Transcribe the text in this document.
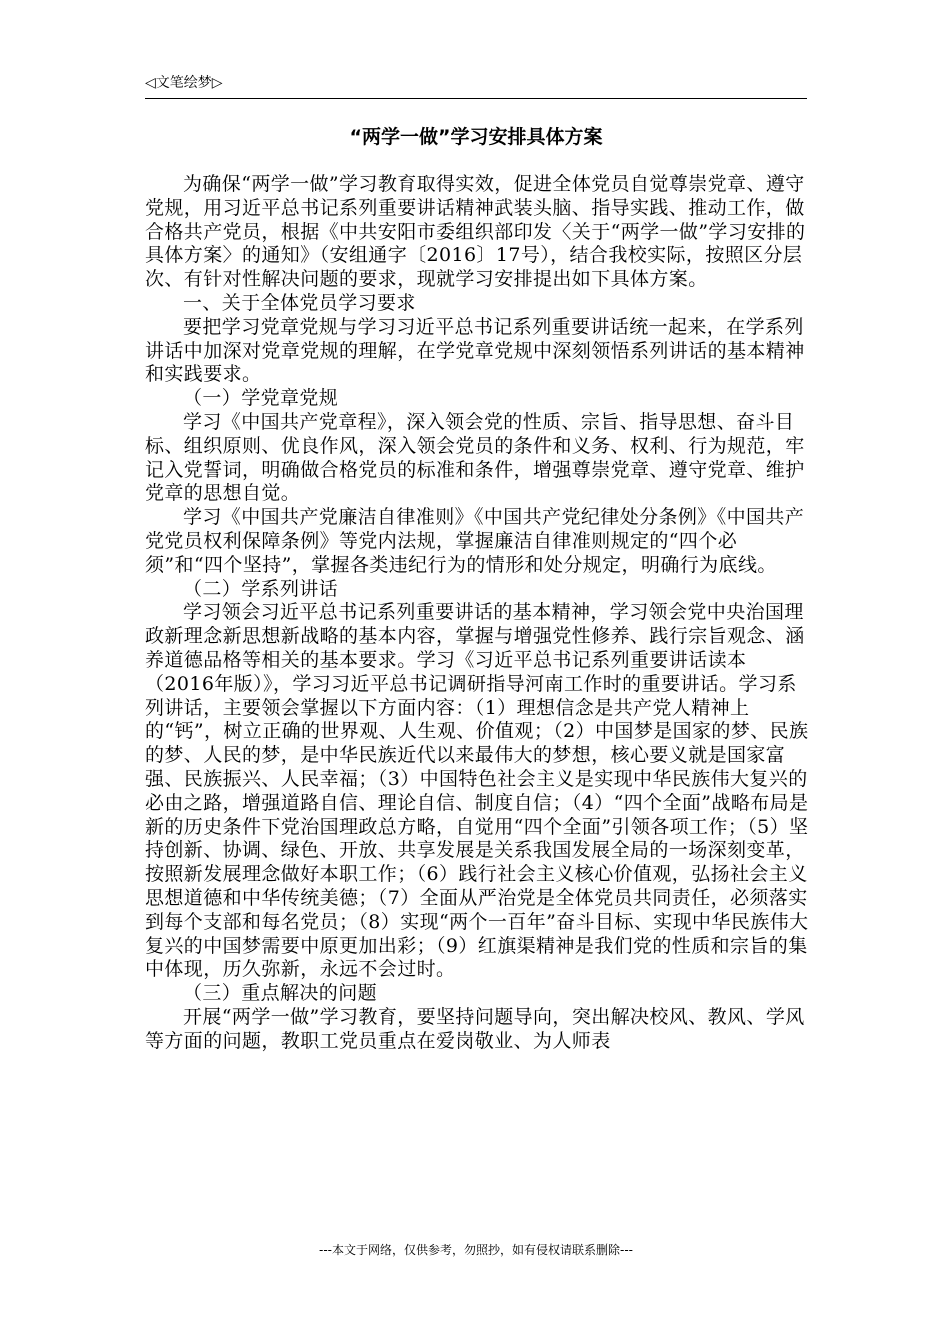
◁文笔绘梦▷
“两学一做”学习安排具体方案

为确保“两学一做”学习教育取得实效，促进全体党员自觉尊崇党章、遵守党规，用习近平总书记系列重要讲话精神武装头脑、指导实践、推动工作，做合格共产党员，根据《中共安阳市委组织部印发〈关于“两学一做”学习安排的具体方案〉的通知》（安组通字〔2016〕17号），结合我校实际，按照区分层次、有针对性解决问题的要求，现就学习安排提出如下具体方案。

一、关于全体党员学习要求

要把学习党章党规与学习习近平总书记系列重要讲话统一起来，在学系列讲话中加深对党章党规的理解，在学党章党规中深刻领悟系列讲话的基本精神和实践要求。

（一）学党章党规

学习《中国共产党章程》，深入领会党的性质、宗旨、指导思想、奋斗目标、组织原则、优良作风，深入领会党员的条件和义务、权利、行为规范，牢记入党誓词，明确做合格党员的标准和条件，增强尊崇党章、遵守党章、维护党章的思想自觉。

学习《中国共产党廉洁自律准则》《中国共产党纪律处分条例》《中国共产党党员权利保障条例》等党内法规，掌握廉洁自律准则规定的“四个必须”和“四个坚持”，掌握各类违纪行为的情形和处分规定，明确行为底线。

（二）学系列讲话

学习领会习近平总书记系列重要讲话的基本精神，学习领会党中央治国理政新理念新思想新战略的基本内容，掌握与增强党性修养、践行宗旨观念、涵养道德品格等相关的基本要求。学习《习近平总书记系列重要讲话读本（2016年版）》，学习习近平总书记调研指导河南工作时的重要讲话。学习系列讲话，主要领会掌握以下方面内容：（1）理想信念是共产党人精神上的“钙”，树立正确的世界观、人生观、价值观；（2）中国梦是国家的梦、民族的梦、人民的梦，是中华民族近代以来最伟大的梦想，核心要义就是国家富强、民族振兴、人民幸福；（3）中国特色社会主义是实现中华民族伟大复兴的必由之路，增强道路自信、理论自信、制度自信；（4）“四个全面”战略布局是新的历史条件下党治国理政总方略，自觉用“四个全面”引领各项工作；（5）坚持创新、协调、绿色、开放、共享发展是关系我国发展全局的一场深刻变革，按照新发展理念做好本职工作；（6）践行社会主义核心价值观，弘扬社会主义思想道德和中华传统美德；（7）全面从严治党是全体党员共同责任，必须落实到每个支部和每名党员；（8）实现“两个一百年”奋斗目标、实现中华民族伟大复兴的中国梦需要中原更加出彩；（9）红旗渠精神是我们党的性质和宗旨的集中体现，历久弥新，永远不会过时。

（三）重点解决的问题

开展“两学一做”学习教育，要坚持问题导向，突出解决校风、教风、学风等方面的问题，教职工党员重点在爱岗敬业、为人师表

---本文于网络，仅供参考，勿照抄，如有侵权请联系删除---
